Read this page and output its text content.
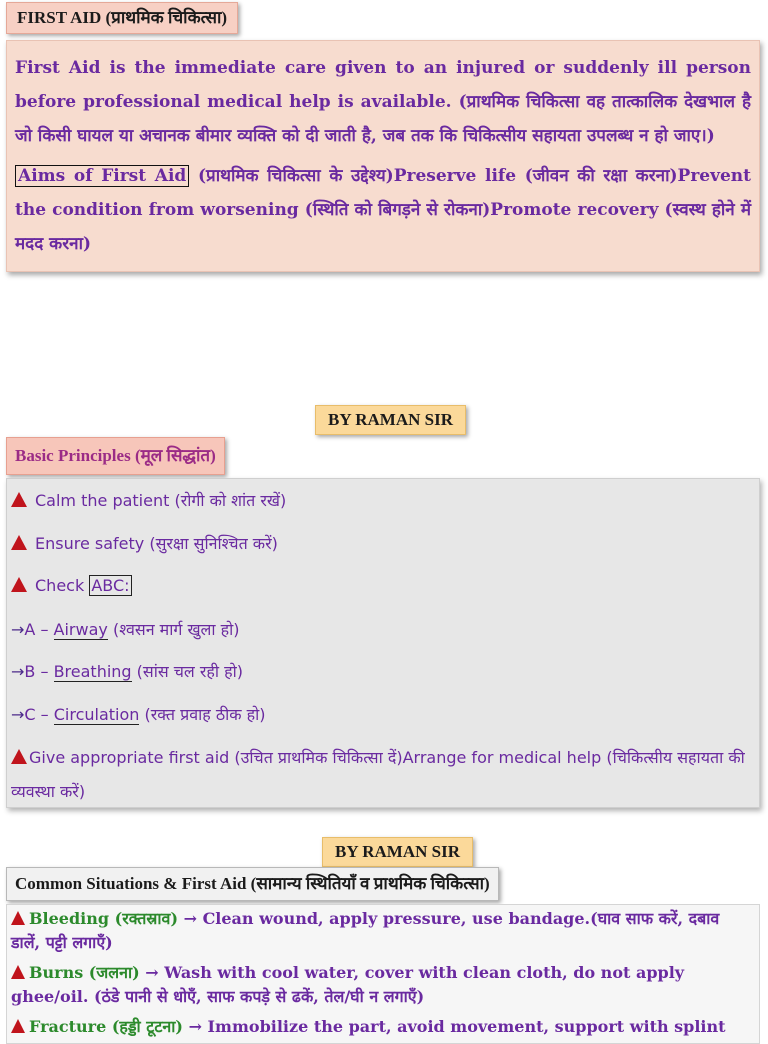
FIRST AID (प्राथमिक चिकित्सा)

First Aid is the immediate care given to an injured or suddenly ill person before professional medical help is available. (प्राथमिक चिकित्सा वह तात्कालिक देखभाल है जो किसी घायल या अचानक बीमार व्यक्ति को दी जाती है, जब तक कि चिकित्सीय सहायता उपलब्ध न हो जाए।)

Aims of First Aid (प्राथमिक चिकित्सा के उद्देश्य)Preserve life (जीवन की रक्षा करना)Prevent the condition from worsening (स्थिति को बिगड़ने से रोकना)Promote recovery (स्वस्थ होने में मदद करना)

BY RAMAN SIR
Basic Principles (मूल सिद्धांत)
Calm the patient (रोगी को शांत रखें)
Ensure safety (सुरक्षा सुनिश्चित करें)
Check ABC:
→A – Airway (श्वसन मार्ग खुला हो)
→B – Breathing (सांस चल रही हो)
→C – Circulation (रक्त प्रवाह ठीक हो)
Give appropriate first aid (उचित प्राथमिक चिकित्सा दें)Arrange for medical help (चिकित्सीय सहायता की व्यवस्था करें)
BY RAMAN SIR
Common Situations & First Aid (सामान्य स्थितियाँ व प्राथमिक चिकित्सा)
Bleeding (रक्तस्राव) → Clean wound, apply pressure, use bandage.(घाव साफ करें, दबाव डालें, पट्टी लगाएँ)
Burns (जलना) → Wash with cool water, cover with clean cloth, do not apply ghee/oil. (ठंडे पानी से धोएँ, साफ कपड़े से ढकें, तेल/घी न लगाएँ)
Fracture (हड्डी टूटना) → Immobilize the part, avoid movement, support with splint
